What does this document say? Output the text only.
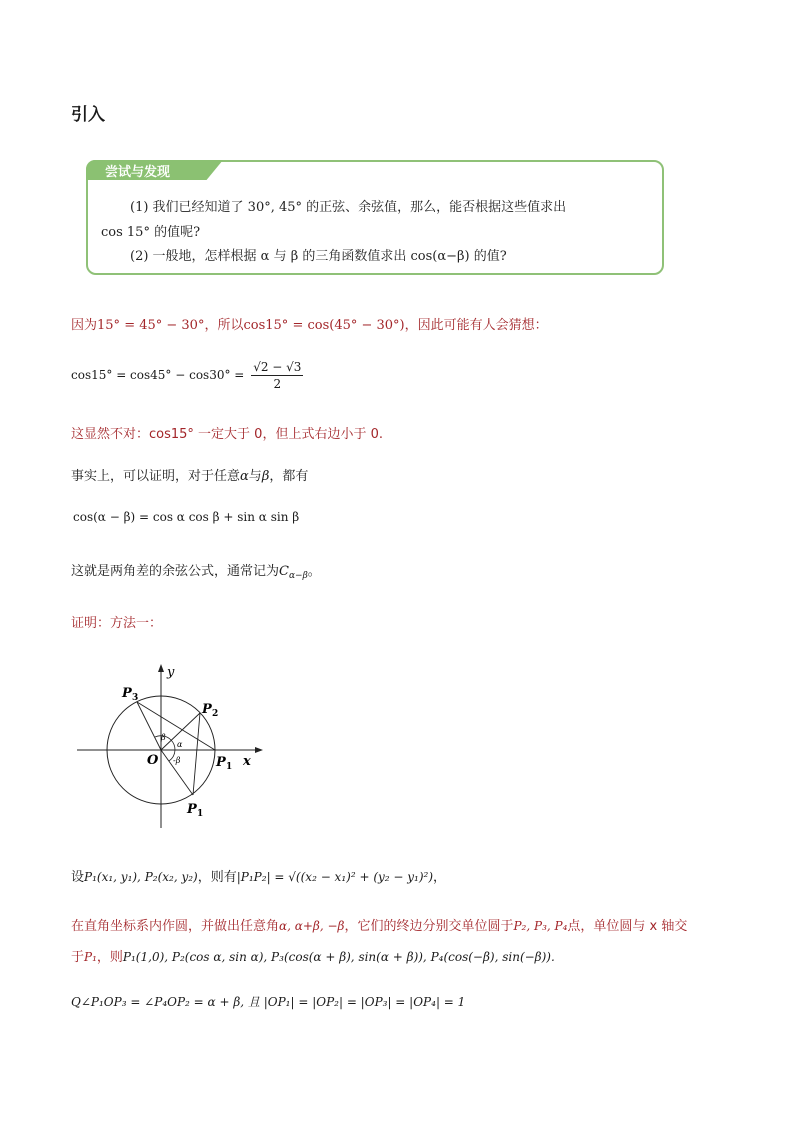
引入
尝试与发现
(1) 我们已经知道了 30°, 45° 的正弦、余弦值，那么，能否根据这些值求出
cos 15° 的值呢?
(2) 一般地，怎样根据 α 与 β 的三角函数值求出 cos(α−β) 的值?
因为15° = 45° − 30°，所以cos15° = cos(45° − 30°)，因此可能有人会猜想：
$\cos 15^\circ = \cos 45^\circ - \cos 30^\circ = \frac{√2 - √3}{2}$
这显然不对：cos15° 一定大于 0，但上式右边小于 0.
事实上，可以证明，对于任意α与β，都有
cos(α − β) = cos α cos β + sin α sin β
这就是两角差的余弦公式，通常记为$C_{\alpha-\beta}$。
证明：方法一：
y
x
O
P 3
P 2
P 1
P 1
β
α
-β
设P₁(x₁, y₁), P₂(x₂, y₂)，则有|P₁P₂| = √((x₂ − x₁)² + (y₂ − y₁)²)，
在直角坐标系内作圆，并做出任意角α, α+β, −β，它们的终边分别交单位圆于P₂, P₃, P₄点，单位圆与 x 轴交
于P₁，则P₁(1,0), P₂(cos α, sin α), P₃(cos(α + β), sin(α + β)), P₄(cos(−β), sin(−β)).
Q∠P₁OP₃ = ∠P₄OP₂ = α + β, 且 |OP₁| = |OP₂| = |OP₃| = |OP₄| = 1
